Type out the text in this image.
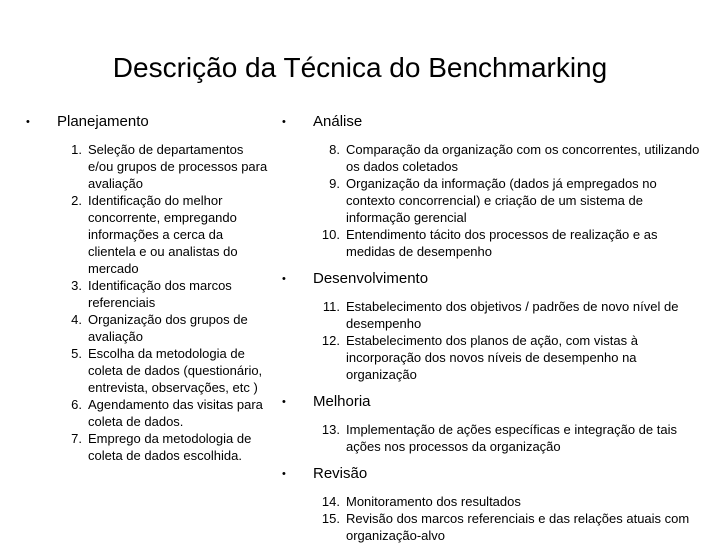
Descrição da Técnica do Benchmarking
• Planejamento
1. Seleção de departamentos e/ou grupos de processos para avaliação
2. Identificação do melhor concorrente, empregando informações a cerca da clientela e ou analistas do mercado
3. Identificação dos marcos referenciais
4. Organização dos grupos de avaliação
5. Escolha da metodologia de coleta de dados (questionário, entrevista, observações, etc )
6. Agendamento das visitas para coleta de dados.
7. Emprego da metodologia de coleta de dados escolhida.
• Análise
8. Comparação da organização com os concorrentes, utilizando os dados coletados
9. Organização da informação (dados já empregados no contexto concorrencial) e criação de um sistema de informação gerencial
10. Entendimento tácito dos processos de realização e as medidas de desempenho
• Desenvolvimento
11. Estabelecimento dos objetivos / padrões de novo nível de desempenho
12. Estabelecimento dos planos de ação, com vistas à incorporação dos novos níveis de desempenho na organização
• Melhoria
13. Implementação de ações específicas e integração de tais ações nos processos da organização
• Revisão
14. Monitoramento dos resultados
15. Revisão dos marcos referenciais e das relações atuais com organização-alvo
